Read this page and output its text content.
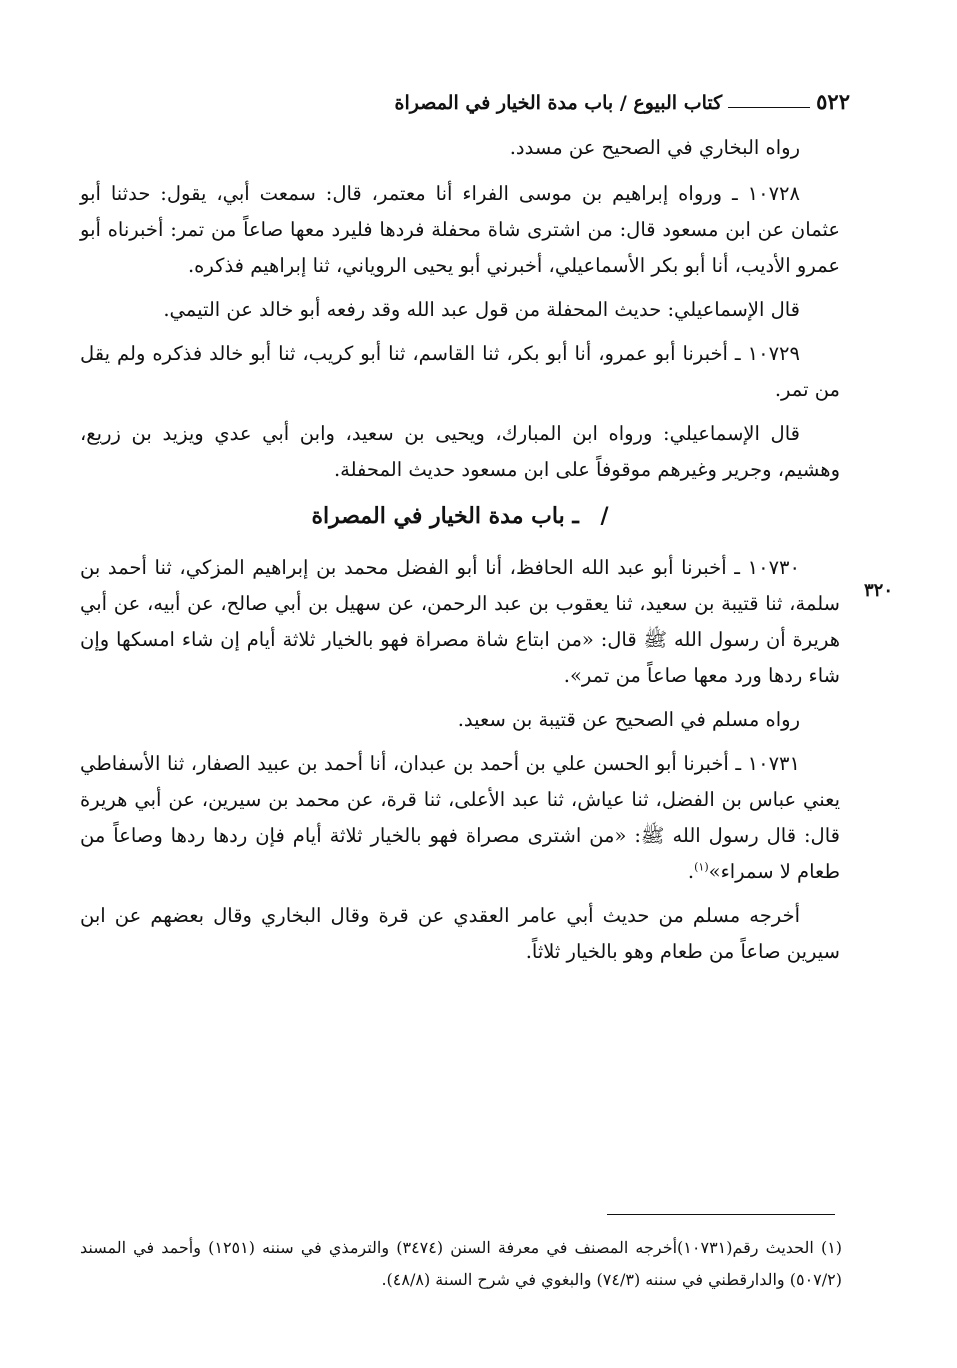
٥٢٢
كتاب البيوع / باب مدة الخيار في المصراة
٣٢٠

رواه البخاري في الصحيح عن مسدد.

١٠٧٢٨ ـ ورواه إبراهيم بن موسى الفراء أنا معتمر، قال: سمعت أبي، يقول: حدثنا أبو عثمان عن ابن مسعود قال: من اشترى شاة محفلة فردها فليرد معها صاعاً من تمر: أخبرناه أبو عمرو الأديب، أنا أبو بكر الأسماعيلي، أخبرني أبو يحيى الروياني، ثنا إبراهيم فذكره.

قال الإسماعيلي: حديث المحفلة من قول عبد الله وقد رفعه أبو خالد عن التيمي.

١٠٧٢٩ ـ أخبرنا أبو عمرو، أنا أبو بكر، ثنا القاسم، ثنا أبو كريب، ثنا أبو خالد فذكره ولم يقل من تمر.

قال الإسماعيلي: ورواه ابن المبارك، ويحيى بن سعيد، وابن أبي عدي ويزيد بن زريع، وهشيم، وجرير وغيرهم موقوفاً على ابن مسعود حديث المحفلة.

/ ـ باب مدة الخيار في المصراة

١٠٧٣٠ ـ أخبرنا أبو عبد الله الحافظ، أنا أبو الفضل محمد بن إبراهيم المزكي، ثنا أحمد بن سلمة، ثنا قتيبة بن سعيد، ثنا يعقوب بن عبد الرحمن، عن سهيل بن أبي صالح، عن أبيه، عن أبي هريرة أن رسول الله ﷺ قال: «من ابتاع شاة مصراة فهو بالخيار ثلاثة أيام إن شاء امسكها وإن شاء ردها ورد معها صاعاً من تمر».

رواه مسلم في الصحيح عن قتيبة بن سعيد.

١٠٧٣١ ـ أخبرنا أبو الحسن علي بن أحمد بن عبدان، أنا أحمد بن عبيد الصفار، ثنا الأسفاطي يعني عباس بن الفضل، ثنا عياش، ثنا عبد الأعلى، ثنا قرة، عن محمد بن سيرين، عن أبي هريرة قال: قال رسول الله ﷺ: «من اشترى مصراة فهو بالخيار ثلاثة أيام فإن ردها ردها وصاعاً من طعام لا سمراء»$^{(١)}$.

أخرجه مسلم من حديث أبي عامر العقدي عن قرة وقال البخاري وقال بعضهم عن ابن سيرين صاعاً من طعام وهو بالخيار ثلاثاً.

(١) الحديث رقم(١٠٧٣١)أخرجه المصنف في معرفة السنن (٣٤٧٤) والترمذي في سننه (١٢٥١) وأحمد في المسند (٥٠٧/٢) والدارقطني في سننه (٧٤/٣) والبغوي في شرح السنة (٤٨/٨).
